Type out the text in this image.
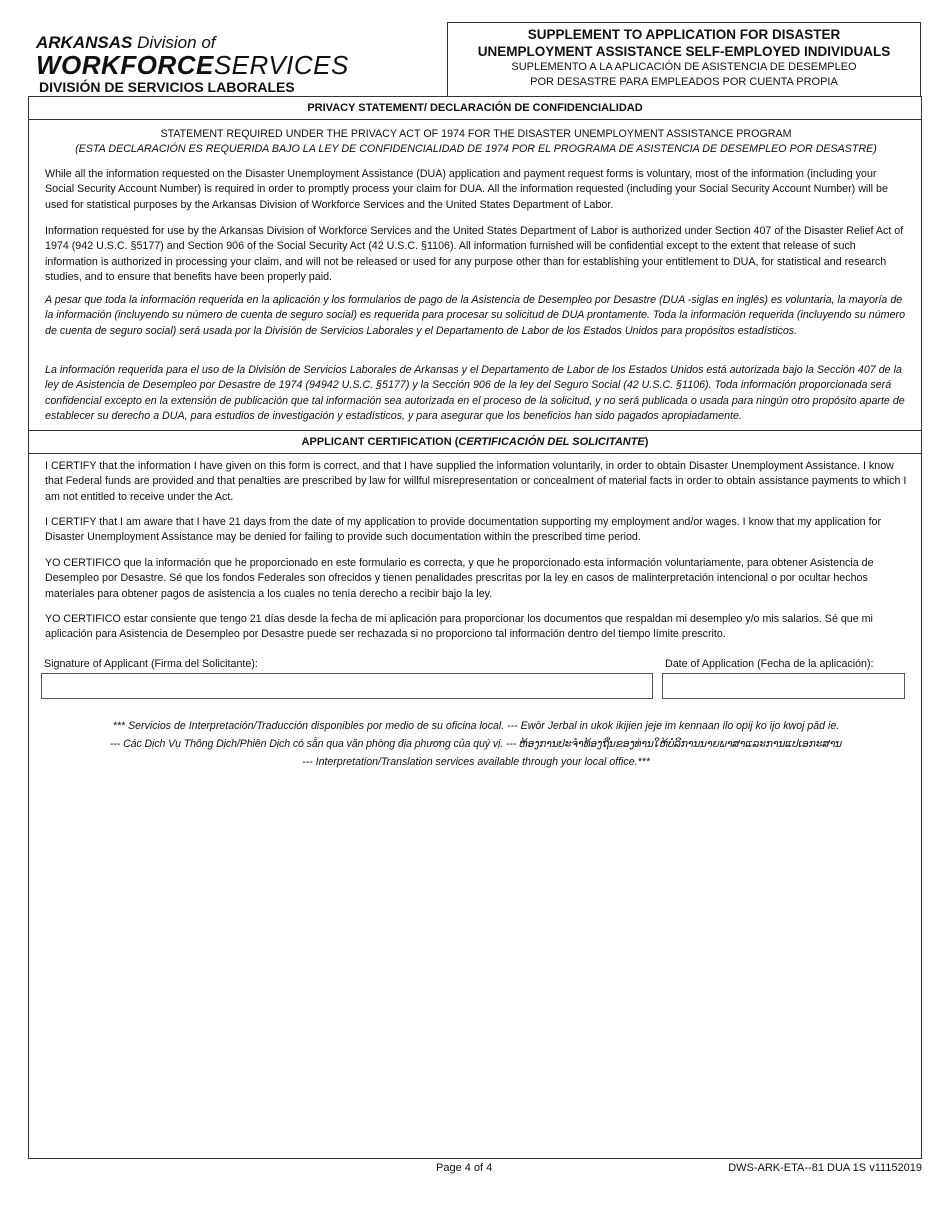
ARKANSAS Division of
WORKFORCESERVICES
DIVISIÓN DE SERVICIOS LABORALES
SUPPLEMENT TO APPLICATION FOR DISASTER
UNEMPLOYMENT ASSISTANCE SELF-EMPLOYED INDIVIDUALS
SUPLEMENTO A LA APLICACIÓN DE ASISTENCIA DE DESEMPLEO
POR DESASTRE PARA EMPLEADOS POR CUENTA PROPIA
PRIVACY STATEMENT/ DECLARACIÓN DE CONFIDENCIALIDAD
STATEMENT REQUIRED UNDER THE PRIVACY ACT OF 1974 FOR THE DISASTER UNEMPLOYMENT ASSISTANCE PROGRAM
(ESTA DECLARACIÓN ES REQUERIDA BAJO LA LEY DE CONFIDENCIALIDAD DE 1974 POR EL PROGRAMA DE ASISTENCIA DE DESEMPLEO POR DESASTRE)
While all the information requested on the Disaster Unemployment Assistance (DUA) application and payment request forms is voluntary, most of the information (including your Social Security Account Number) is required in order to promptly process your claim for DUA. All the information requested (including your Social Security Account Number) will be used for statistical purposes by the Arkansas Division of Workforce Services and the United States Department of Labor.
Information requested for use by the Arkansas Division of Workforce Services and the United States Department of Labor is authorized under Section 407 of the Disaster Relief Act of 1974 (942 U.S.C. §5177) and Section 906 of the Social Security Act (42 U.S.C. §1106). All information furnished will be confidential except to the extent that release of such information is authorized in processing your claim, and will not be released or used for any purpose other than for establishing your entitlement to DUA, for statistical and research studies, and to ensure that benefits have been properly paid.
A pesar que toda la información requerida en la aplicación y los formularios de pago de la Asistencia de Desempleo por Desastre (DUA -siglas en inglés) es voluntaria, la mayoría de la información (incluyendo su número de cuenta de seguro social) es requerida para procesar su solicitud de DUA prontamente. Toda la información requerida (incluyendo su número de cuenta de seguro social) será usada por la División de Servicios Laborales y el Departamento de Labor de los Estados Unidos para propósitos estadísticos.
La información requerida para el uso de la División de Servicios Laborales de Arkansas y el Departamento de Labor de los Estados Unidos está autorizada bajo la Sección 407 de la ley de Asistencia de Desempleo por Desastre de 1974 (94942 U.S.C. §5177) y la Sección 906 de la ley del Seguro Social (42 U.S.C. §1106). Toda información proporcionada será confidencial excepto en la extensión de publicación que tal información sea autorizada en el proceso de la solicitud, y no será publicada o usada para ningún otro propósito aparte de establecer su derecho a DUA, para estudios de investigación y estadísticos, y para asegurar que los beneficios han sido pagados apropiadamente.
APPLICANT CERTIFICATION (CERTIFICACIÓN DEL SOLICITANTE)
I CERTIFY that the information I have given on this form is correct, and that I have supplied the information voluntarily, in order to obtain Disaster Unemployment Assistance. I know that Federal funds are provided and that penalties are prescribed by law for willful misrepresentation or concealment of material facts in order to obtain assistance payments to which I am not entitled to receive under the Act.
I CERTIFY that I am aware that I have 21 days from the date of my application to provide documentation supporting my employment and/or wages. I know that my application for Disaster Unemployment Assistance may be denied for failing to provide such documentation within the prescribed time period.
YO CERTIFICO que la información que he proporcionado en este formulario es correcta, y que he proporcionado esta información voluntariamente, para obtener Asistencia de Desempleo por Desastre. Sé que los fondos Federales son ofrecidos y tienen penalidades prescritas por la ley en casos de malinterpretación intencional o por ocultar hechos materiales para obtener pagos de asistencia a los cuales no tenía derecho a recibir bajo la ley.
YO CERTIFICO estar consiente que tengo 21 días desde la fecha de mi aplicación para proporcionar los documentos que respaldan mi desempleo y/o mis salarios. Sé que mi aplicación para Asistencia de Desempleo por Desastre puede ser rechazada si no proporciono tal información dentro del tiempo límite prescrito.
Signature of Applicant (Firma del Solicitante):	Date of Application (Fecha de la aplicación):
*** Servicios de Interpretación/Traducción disponibles por medio de su oficina local. --- Ewōr Jerbal in ukok ikijien jeje im kennaan ilo opij ko ijo kwoj pād ie.
--- Các Dịch Vụ Thông Dịch/Phiên Dịch có sẵn qua văn phòng địa phương của quý vị. --- ຫ້ອງການປະຈຳທ້ອງຖິ່ນຂອງທ່ານໃຫ້ບໍລິການນາຍພາສາແລະການແປເອກະສານ
--- Interpretation/Translation services available through your local office.***
Page 4 of 4	DWS-ARK-ETA--81 DUA 1S v11152019
